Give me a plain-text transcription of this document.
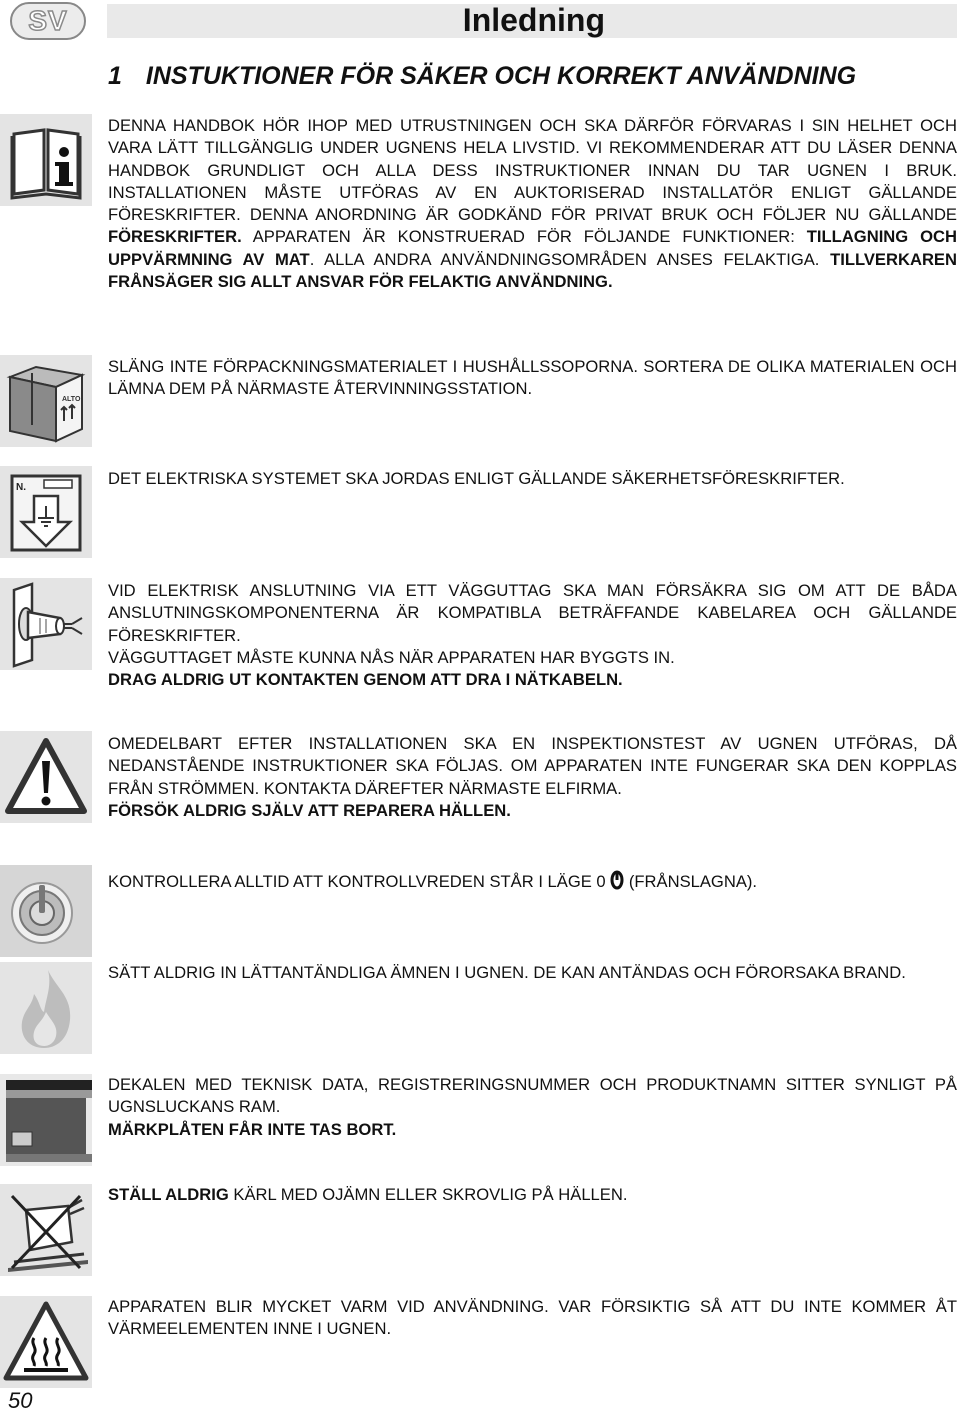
SV	Inledning
1 INSTUKTIONER FÖR SÄKER OCH KORREKT ANVÄNDNING
DENNA HANDBOK HÖR IHOP MED UTRUSTNINGEN OCH SKA DÄRFÖR FÖRVARAS I SIN HELHET OCH VARA LÄTT TILLGÄNGLIG UNDER UGNENS HELA LIVSTID. VI REKOMMENDERAR ATT DU LÄSER DENNA HANDBOK GRUNDLIGT OCH ALLA DESS INSTRUKTIONER INNAN DU TAR UGNEN I BRUK. INSTALLATIONEN MÅSTE UTFÖRAS AV EN AUKTORISERAD INSTALLATÖR ENLIGT GÄLLANDE FÖRESKRIFTER. DENNA ANORDNING ÄR GODKÄND FÖR PRIVAT BRUK OCH FÖLJER NU GÄLLANDE FÖRESKRIFTER. APPARATEN ÄR KONSTRUERAD FÖR FÖLJANDE FUNKTIONER: TILLAGNING OCH UPPVÄRMNING AV MAT. ALLA ANDRA ANVÄNDNINGSOMRÅDEN ANSES FELAKTIGA. TILLVERKAREN FRÅNSÄGER SIG ALLT ANSVAR FÖR FELAKTIG ANVÄNDNING.
ALTO
SLÄNG INTE FÖRPACKNINGSMATERIALET I HUSHÅLLSSOPORNA. SORTERA DE OLIKA MATERIALEN OCH LÄMNA DEM PÅ NÄRMASTE ÅTERVINNINGSSTATION.
N.	DET ELEKTRISKA SYSTEMET SKA JORDAS ENLIGT GÄLLANDE SÄKERHETSFÖRESKRIFTER.
VID ELEKTRISK ANSLUTNING VIA ETT VÄGGUTTAG SKA MAN FÖRSÄKRA SIG OM ATT DE BÅDA ANSLUTNINGSKOMPONENTERNA ÄR KOMPATIBLA BETRÄFFANDE KABELAREA OCH GÄLLANDE FÖRESKRIFTER.
VÄGGUTTAGET MÅSTE KUNNA NÅS NÄR APPARATEN HAR BYGGTS IN.
DRAG ALDRIG UT KONTAKTEN GENOM ATT DRA I NÄTKABELN.
OMEDELBART EFTER INSTALLATIONEN SKA EN INSPEKTIONSTEST AV UGNEN UTFÖRAS, DÅ NEDANSTÅENDE INSTRUKTIONER SKA FÖLJAS. OM APPARATEN INTE FUNGERAR SKA DEN KOPPLAS FRÅN STRÖMMEN. KONTAKTA DÄREFTER NÄRMASTE ELFIRMA.
FÖRSÖK ALDRIG SJÄLV ATT REPARERA HÄLLEN.
KONTROLLERA ALLTID ATT KONTROLLVREDEN STÅR I LÄGE 0  (FRÅNSLAGNA).
SÄTT ALDRIG IN LÄTTANTÄNDLIGA ÄMNEN I UGNEN. DE KAN ANTÄNDAS OCH FÖRORSAKA BRAND.
DEKALEN MED TEKNISK DATA, REGISTRERINGSNUMMER OCH PRODUKTNAMN SITTER SYNLIGT PÅ UGNSLUCKANS RAM.
MÄRKPLÅTEN FÅR INTE TAS BORT.
STÄLL ALDRIG KÄRL MED OJÄMN ELLER SKROVLIG PÅ HÄLLEN.
APPARATEN BLIR MYCKET VARM VID ANVÄNDNING. VAR FÖRSIKTIG SÅ ATT DU INTE KOMMER ÅT VÄRMEELEMENTEN INNE I UGNEN.
50
